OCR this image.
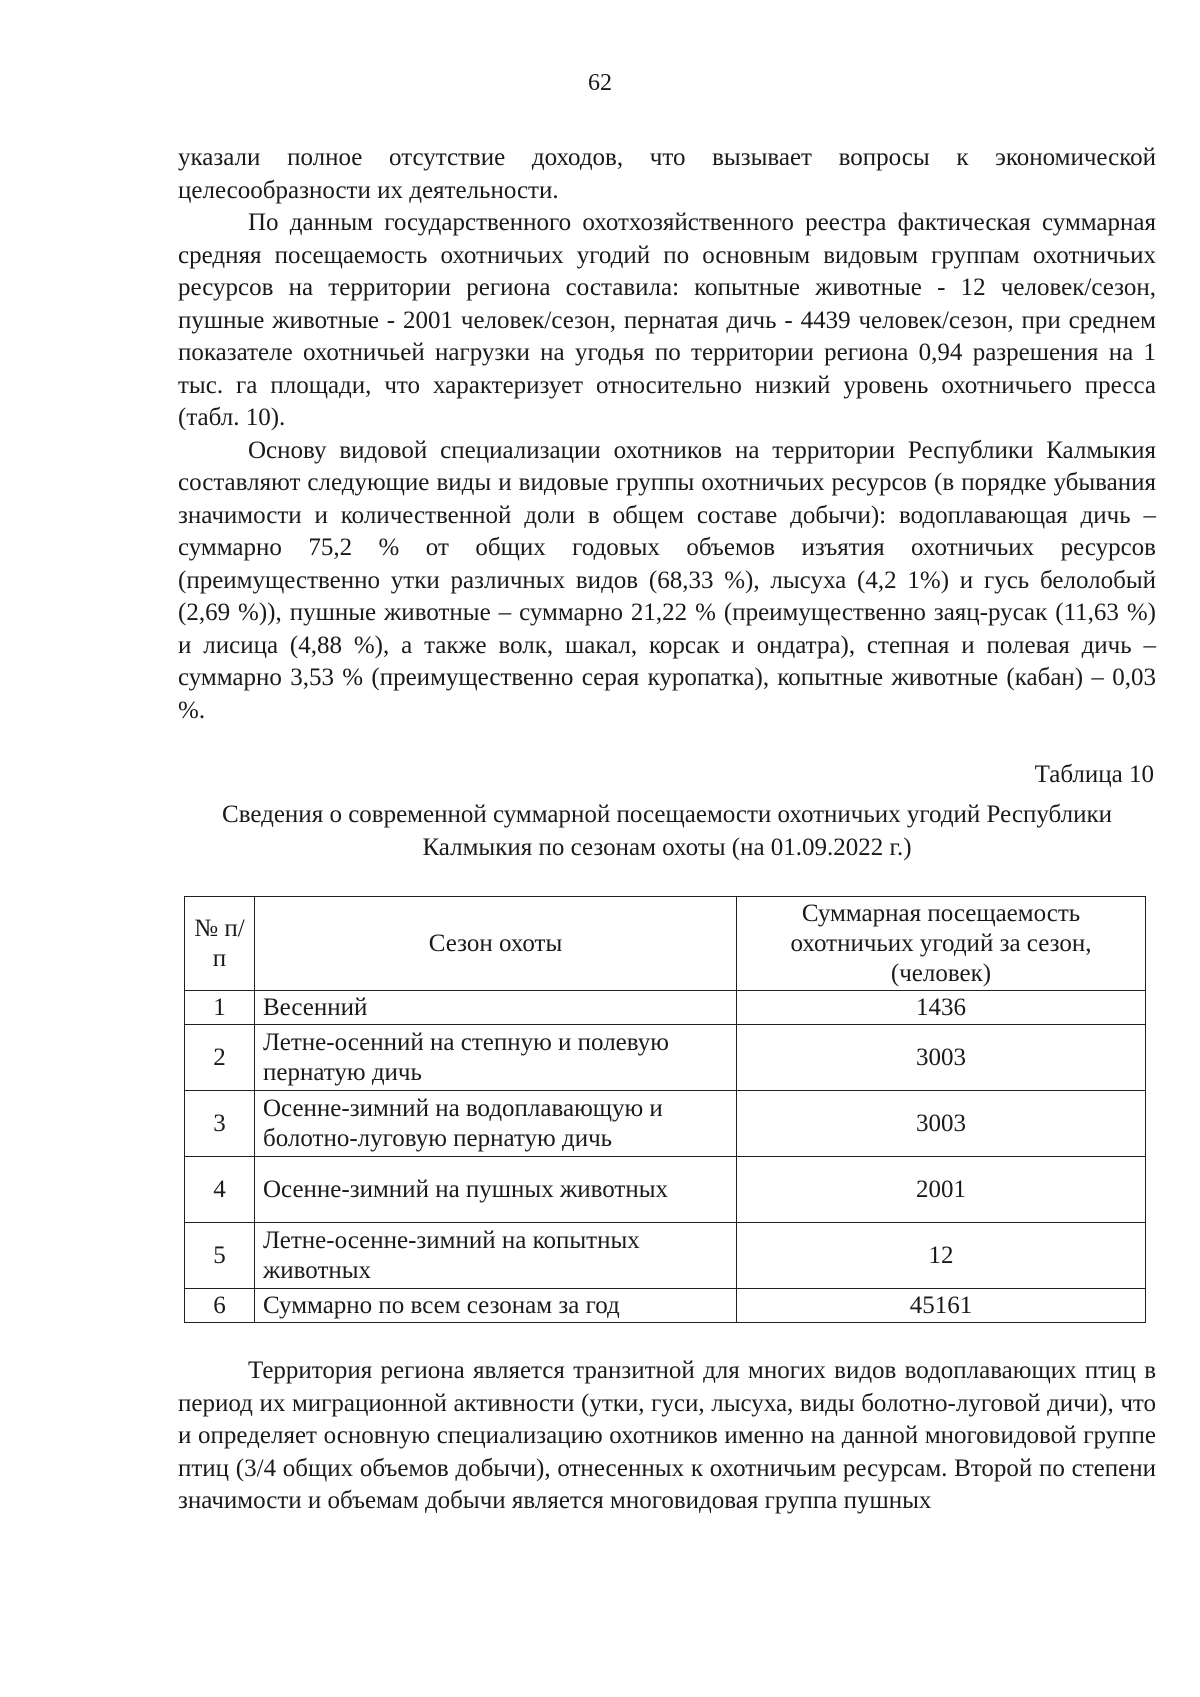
62

указали полное отсутствие доходов, что вызывает вопросы к экономической целесообразности их деятельности.

По данным государственного охотхозяйственного реестра фактическая суммарная средняя посещаемость охотничьих угодий по основным видовым группам охотничьих ресурсов на территории региона составила: копытные животные - 12 человек/сезон, пушные животные - 2001 человек/сезон, пернатая дичь - 4439 человек/сезон, при среднем показателе охотничьей нагрузки на угодья по территории региона 0,94 разрешения на 1 тыс. га площади, что характеризует относительно низкий уровень охотничьего пресса (табл. 10).

Основу видовой специализации охотников на территории Республики Калмыкия составляют следующие виды и видовые группы охотничьих ресурсов (в порядке убывания значимости и количественной доли в общем составе добычи): водоплавающая дичь – суммарно 75,2 % от общих годовых объемов изъятия охотничьих ресурсов (преимущественно утки различных видов (68,33 %), лысуха (4,2 1%) и гусь белолобый (2,69 %)), пушные животные – суммарно 21,22 % (преимущественно заяц-русак (11,63 %) и лисица (4,88 %), а также волк, шакал, корсак и ондатра), степная и полевая дичь – суммарно 3,53 % (преимущественно серая куропатка), копытные животные (кабан) – 0,03 %.

Таблица 10
Сведения о современной суммарной посещаемости охотничьих угодий Республики Калмыкия по сезонам охоты (на 01.09.2022 г.)
№ п/п	Сезон охоты	Суммарная посещаемость охотничьих угодий за сезон, (человек)
1	Весенний	1436
2	Летне-осенний на степную и полевую пернатую дичь	3003
3	Осенне-зимний на водоплавающую и болотно-луговую пернатую дичь	3003
4	Осенне-зимний на пушных животных	2001
5	Летне-осенне-зимний на копытных животных	12
6	Суммарно по всем сезонам за год	45161

Территория региона является транзитной для многих видов водоплавающих птиц в период их миграционной активности (утки, гуси, лысуха, виды болотно-луговой дичи), что и определяет основную специализацию охотников именно на данной многовидовой группе птиц (3/4 общих объемов добычи), отнесенных к охотничьим ресурсам. Второй по степени значимости и объемам добычи является многовидовая группа пушных
